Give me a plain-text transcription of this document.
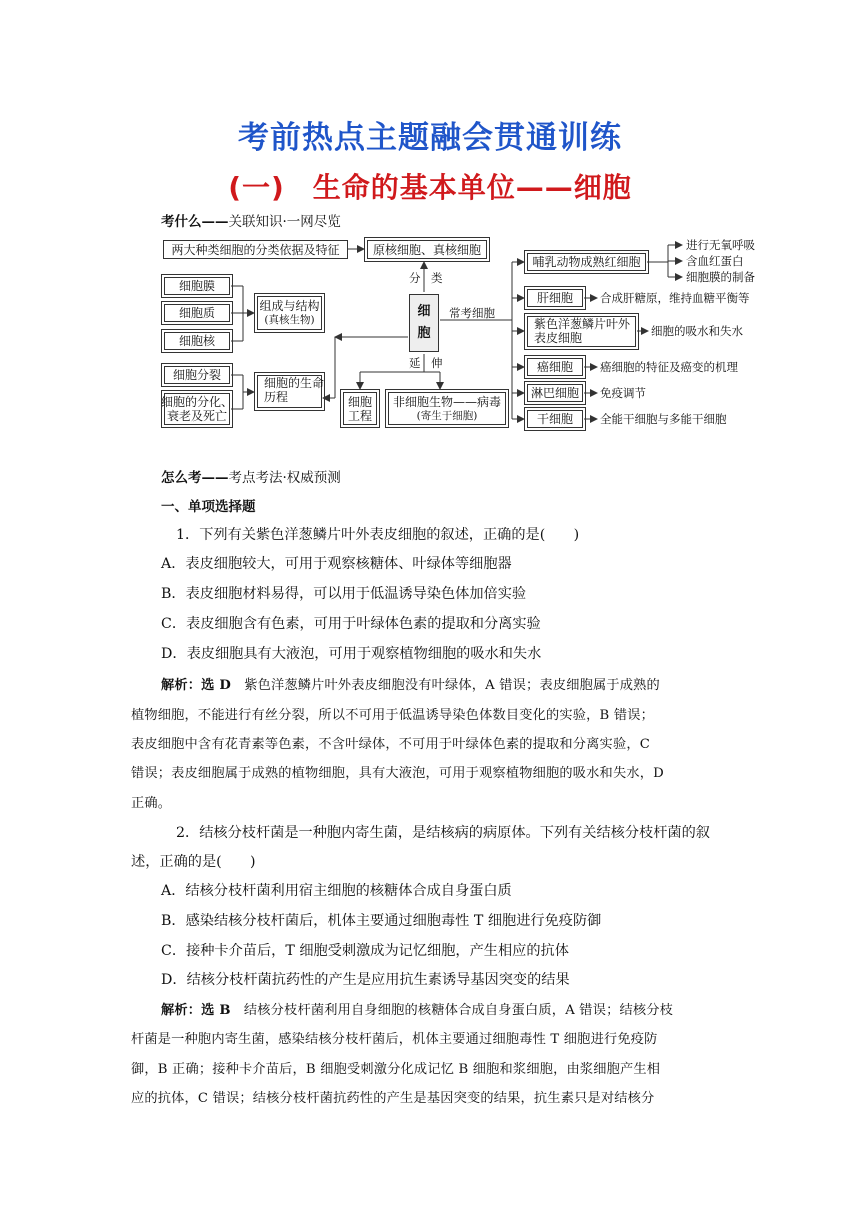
考前热点主题融会贯通训练
(一) 生命的基本单位——细胞
考什么——关联知识·一网尽览
两大种类细胞的分类依据及特征	原核细胞、真核细胞
细胞膜
细胞质
细胞核
组成与结构
(真核生物)
细胞分裂
细胞的分化、
衰老及死亡
细胞的生命
历程
细
胞
分 类
延 伸
常考细胞
细胞
工程
非细胞生物——病毒
(寄生于细胞)
哺乳动物成熟红细胞
肝细胞
紫色洋葱鳞片叶外
表皮细胞
癌细胞
淋巴细胞
干细胞
进行无氧呼吸
含血红蛋白
细胞膜的制备
合成肝糖原，维持血糖平衡等
细胞的吸水和失水
癌细胞的特征及癌变的机理
免疫调节
全能干细胞与多能干细胞
怎么考——考点考法·权威预测
一、单项选择题
1．下列有关紫色洋葱鳞片叶外表皮细胞的叙述，正确的是(　　)
A．表皮细胞较大，可用于观察核糖体、叶绿体等细胞器
B．表皮细胞材料易得，可以用于低温诱导染色体加倍实验
C．表皮细胞含有色素，可用于叶绿体色素的提取和分离实验
D．表皮细胞具有大液泡，可用于观察植物细胞的吸水和失水
解析：选 D 紫色洋葱鳞片叶外表皮细胞没有叶绿体，A 错误；表皮细胞属于成熟的
植物细胞，不能进行有丝分裂，所以不可用于低温诱导染色体数目变化的实验，B 错误；
表皮细胞中含有花青素等色素，不含叶绿体，不可用于叶绿体色素的提取和分离实验，C
错误；表皮细胞属于成熟的植物细胞，具有大液泡，可用于观察植物细胞的吸水和失水，D
正确。
2．结核分枝杆菌是一种胞内寄生菌，是结核病的病原体。下列有关结核分枝杆菌的叙
述，正确的是(　　)
A．结核分枝杆菌利用宿主细胞的核糖体合成自身蛋白质
B．感染结核分枝杆菌后，机体主要通过细胞毒性 T 细胞进行免疫防御
C．接种卡介苗后，T 细胞受刺激成为记忆细胞，产生相应的抗体
D．结核分枝杆菌抗药性的产生是应用抗生素诱导基因突变的结果
解析：选 B 结核分枝杆菌利用自身细胞的核糖体合成自身蛋白质，A 错误；结核分枝
杆菌是一种胞内寄生菌，感染结核分枝杆菌后，机体主要通过细胞毒性 T 细胞进行免疫防
御，B 正确；接种卡介苗后，B 细胞受刺激分化成记忆 B 细胞和浆细胞，由浆细胞产生相
应的抗体，C 错误；结核分枝杆菌抗药性的产生是基因突变的结果，抗生素只是对结核分
